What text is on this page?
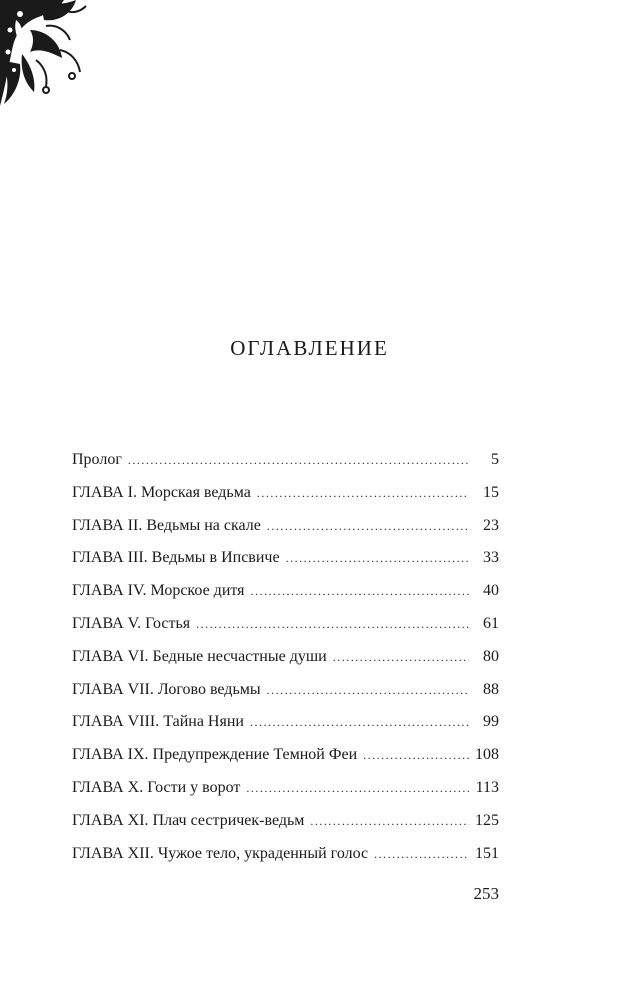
ОГЛАВЛЕНИЕ
Пролог .....	5
ГЛАВА I. Морская ведьма .....	15
ГЛАВА II. Ведьмы на скале .....	23
ГЛАВА III. Ведьмы в Ипсвиче .....	33
ГЛАВА IV. Морское дитя .....	40
ГЛАВА V. Гостья .....	61
ГЛАВА VI. Бедные несчастные души .....	80
ГЛАВА VII. Логово ведьмы .....	88
ГЛАВА VIII. Тайна Няни .....	99
ГЛАВА IX. Предупреждение Темной Феи .....	108
ГЛАВА X. Гости у ворот .....	113
ГЛАВА XI. Плач сестричек-ведьм .....	125
ГЛАВА XII. Чужое тело, украденный голос .....	151
253
